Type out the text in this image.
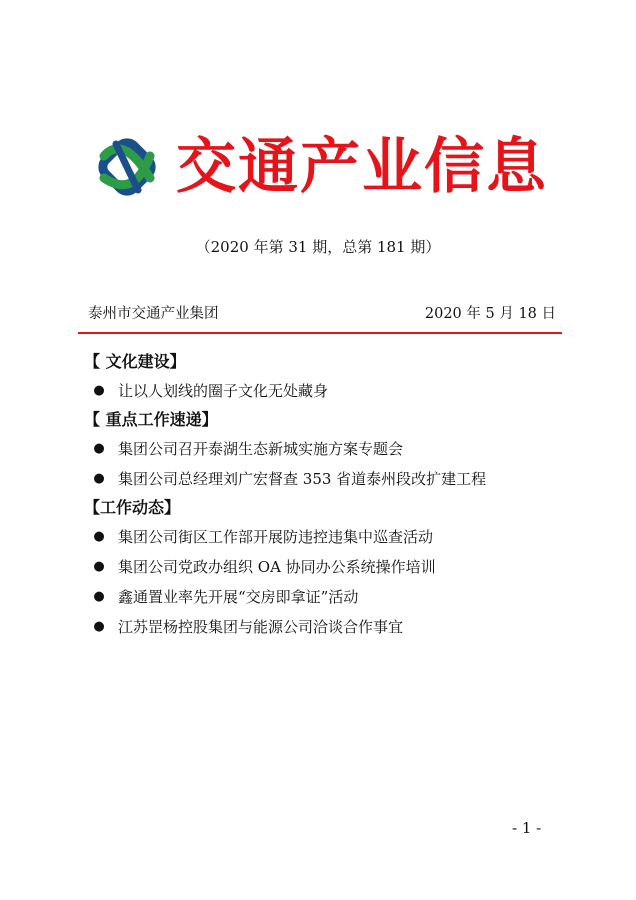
交通产业信息
（2020 年第 31 期，总第 181 期）
泰州市交通产业集团	2020 年 5 月 18 日
【 文化建设】
● 让以人划线的圈子文化无处藏身
【 重点工作速递】
● 集团公司召开泰湖生态新城实施方案专题会
● 集团公司总经理刘广宏督查 353 省道泰州段改扩建工程
【工作动态】
● 集团公司街区工作部开展防违控违集中巡查活动
● 集团公司党政办组织 OA 协同办公系统操作培训
● 鑫通置业率先开展“交房即拿证”活动
● 江苏罡杨控股集团与能源公司洽谈合作事宜
- 1 -
